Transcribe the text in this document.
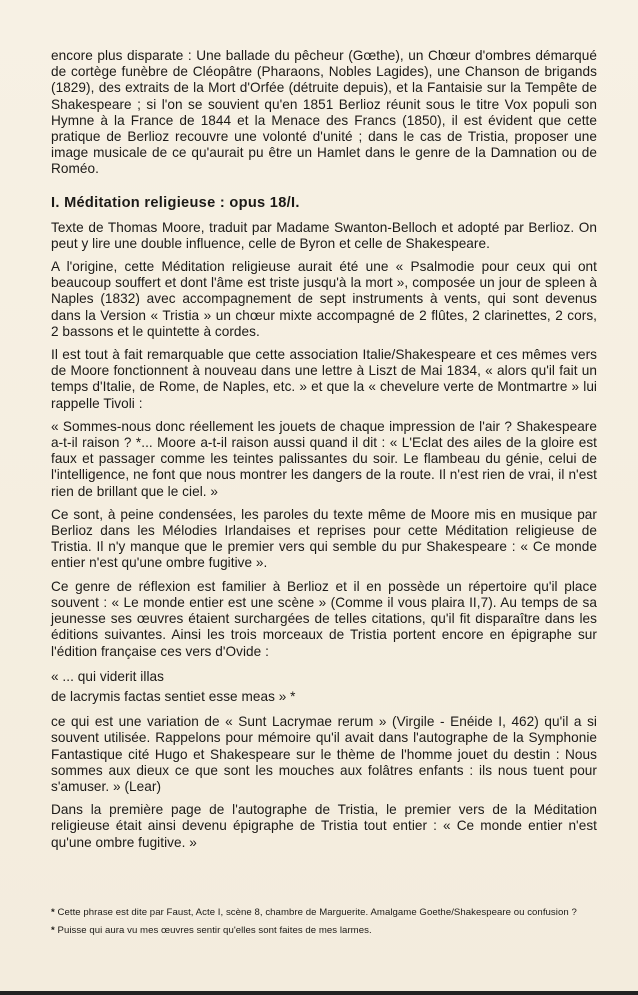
encore plus disparate : Une ballade du pêcheur (Gœthe), un Chœur d'ombres démarqué de cortège funèbre de Cléopâtre (Pharaons, Nobles Lagides), une Chanson de brigands (1829), des extraits de la Mort d'Orfée (détruite depuis), et la Fantaisie sur la Tempête de Shakespeare ; si l'on se souvient qu'en 1851 Berlioz réunit sous le titre Vox populi son Hymne à la France de 1844 et la Menace des Francs (1850), il est évident que cette pratique de Berlioz recouvre une volonté d'unité ; dans le cas de Tristia, proposer une image musicale de ce qu'aurait pu être un Hamlet dans le genre de la Damnation ou de Roméo.

I. Méditation religieuse : opus 18/I.

Texte de Thomas Moore, traduit par Madame Swanton-Belloch et adopté par Berlioz. On peut y lire une double influence, celle de Byron et celle de Shakespeare.

A l'origine, cette Méditation religieuse aurait été une « Psalmodie pour ceux qui ont beaucoup souffert et dont l'âme est triste jusqu'à la mort », composée un jour de spleen à Naples (1832) avec accompagnement de sept instruments à vents, qui sont devenus dans la Version « Tristia » un chœur mixte accompagné de 2 flûtes, 2 clarinettes, 2 cors, 2 bassons et le quintette à cordes.

Il est tout à fait remarquable que cette association Italie/Shakespeare et ces mêmes vers de Moore fonctionnent à nouveau dans une lettre à Liszt de Mai 1834, « alors qu'il fait un temps d'Italie, de Rome, de Naples, etc. » et que la « chevelure verte de Montmartre » lui rappelle Tivoli :

« Sommes-nous donc réellement les jouets de chaque impression de l'air ? Shakespeare a-t-il raison ? *... Moore a-t-il raison aussi quand il dit : « L'Eclat des ailes de la gloire est faux et passager comme les teintes palissantes du soir. Le flambeau du génie, celui de l'intelligence, ne font que nous montrer les dangers de la route. Il n'est rien de vrai, il n'est rien de brillant que le ciel. »

Ce sont, à peine condensées, les paroles du texte même de Moore mis en musique par Berlioz dans les Mélodies Irlandaises et reprises pour cette Méditation religieuse de Tristia. Il n'y manque que le premier vers qui semble du pur Shakespeare : « Ce monde entier n'est qu'une ombre fugitive ».

Ce genre de réflexion est familier à Berlioz et il en possède un répertoire qu'il place souvent : « Le monde entier est une scène » (Comme il vous plaira II,7). Au temps de sa jeunesse ses œuvres étaient surchargées de telles citations, qu'il fit disparaître dans les éditions suivantes. Ainsi les trois morceaux de Tristia portent encore en épigraphe sur l'édition française ces vers d'Ovide :

« ... qui viderit illas

de lacrymis factas sentiet esse meas » *

ce qui est une variation de « Sunt Lacrymae rerum » (Virgile - Enéide I, 462) qu'il a si souvent utilisée. Rappelons pour mémoire qu'il avait dans l'autographe de la Symphonie Fantastique cité Hugo et Shakespeare sur le thème de l'homme jouet du destin : Nous sommes aux dieux ce que sont les mouches aux folâtres enfants : ils nous tuent pour s'amuser. » (Lear)

Dans la première page de l'autographe de Tristia, le premier vers de la Méditation religieuse était ainsi devenu épigraphe de Tristia tout entier : « Ce monde entier n'est qu'une ombre fugitive. »

* Cette phrase est dite par Faust, Acte I, scène 8, chambre de Marguerite. Amalgame Goethe/Shakespeare ou confusion ?

* Puisse qui aura vu mes œuvres sentir qu'elles sont faites de mes larmes.
